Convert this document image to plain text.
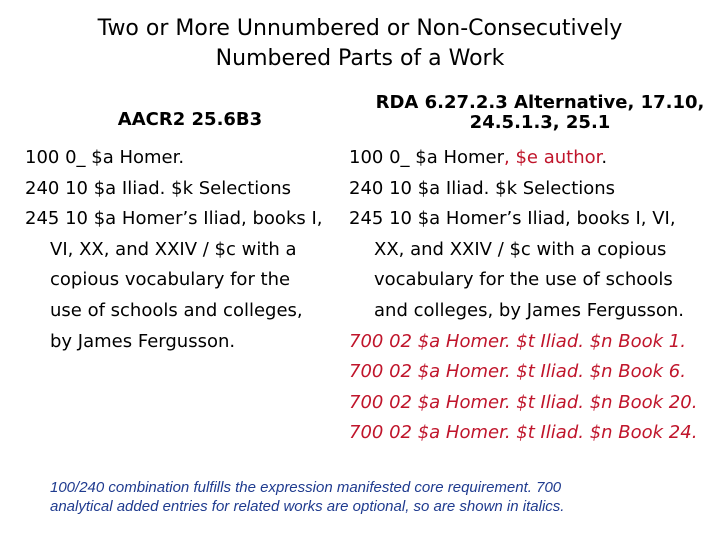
Two or More Unnumbered or Non-Consecutively
Numbered Parts of a Work
AACR2 25.6B3
RDA 6.27.2.3 Alternative, 17.10,
24.5.1.3, 25.1
100 0_ $a Homer.
240 10 $a Iliad. $k Selections
245 10 $a Homer’s Iliad, books I,
VI, XX, and XXIV / $c with a
copious vocabulary for the
use of schools and colleges,
by James Fergusson.
100 0_ $a Homer, $e author.
240 10 $a Iliad. $k Selections
245 10 $a Homer’s Iliad, books I, VI,
XX, and XXIV / $c with a copious
vocabulary for the use of schools
and colleges, by James Fergusson.
700 02 $a Homer. $t Iliad. $n Book 1.
700 02 $a Homer. $t Iliad. $n Book 6.
700 02 $a Homer. $t Iliad. $n Book 20.
700 02 $a Homer. $t Iliad. $n Book 24.
100/240 combination fulfills the expression manifested core requirement. 700
analytical added entries for related works are optional, so are shown in italics.
